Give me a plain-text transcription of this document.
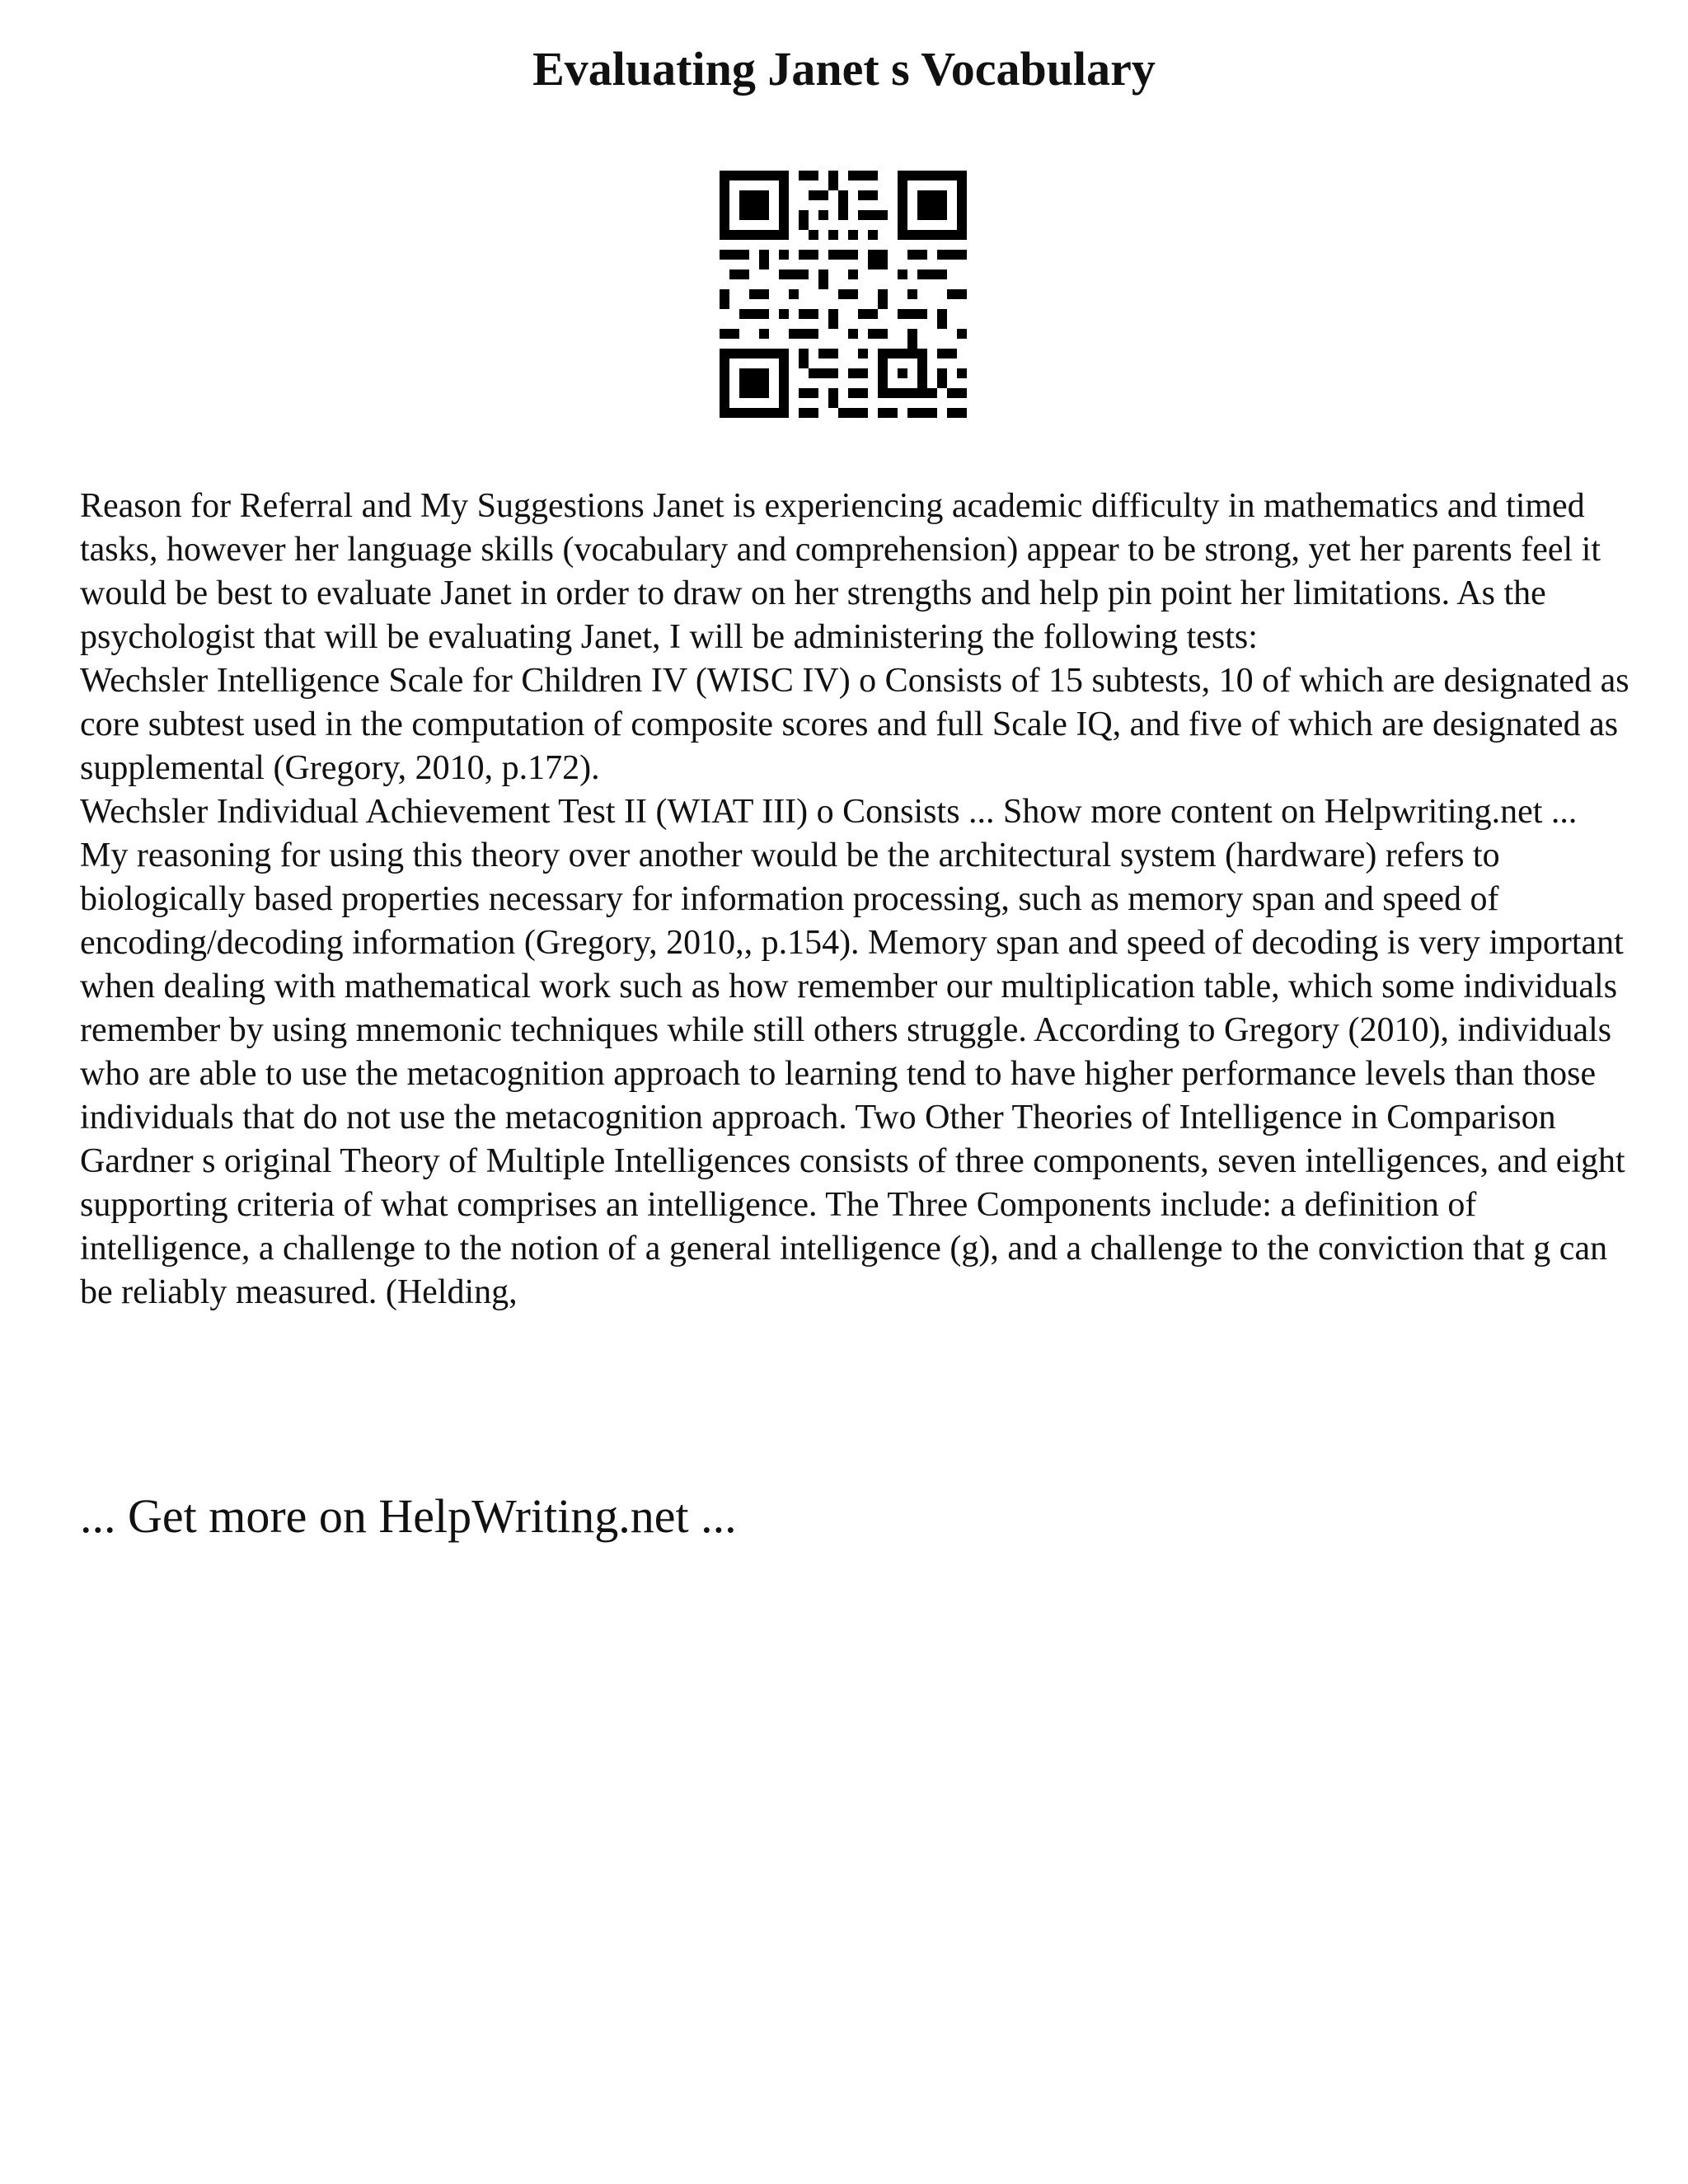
Evaluating Janet s Vocabulary

Reason for Referral and My Suggestions Janet is experiencing academic difficulty in mathematics and timed tasks, however her language skills (vocabulary and comprehension) appear to be strong, yet her parents feel it would be best to evaluate Janet in order to draw on her strengths and help pin point her limitations. As the psychologist that will be evaluating Janet, I will be administering the following tests:

Wechsler Intelligence Scale for Children IV (WISC IV) o Consists of 15 subtests, 10 of which are designated as core subtest used in the computation of composite scores and full Scale IQ, and five of which are designated as supplemental (Gregory, 2010, p.172).

Wechsler Individual Achievement Test II (WIAT III) o Consists ... Show more content on Helpwriting.net ...

My reasoning for using this theory over another would be the architectural system (hardware) refers to biologically based properties necessary for information processing, such as memory span and speed of encoding/decoding information (Gregory, 2010,, p.154). Memory span and speed of decoding is very important when dealing with mathematical work such as how remember our multiplication table, which some individuals remember by using mnemonic techniques while still others struggle. According to Gregory (2010), individuals who are able to use the metacognition approach to learning tend to have higher performance levels than those individuals that do not use the metacognition approach. Two Other Theories of Intelligence in Comparison Gardner s original Theory of Multiple Intelligences consists of three components, seven intelligences, and eight supporting criteria of what comprises an intelligence. The Three Components include: a definition of intelligence, a challenge to the notion of a general intelligence (g), and a challenge to the conviction that g can be reliably measured. (Helding,

... Get more on HelpWriting.net ...
